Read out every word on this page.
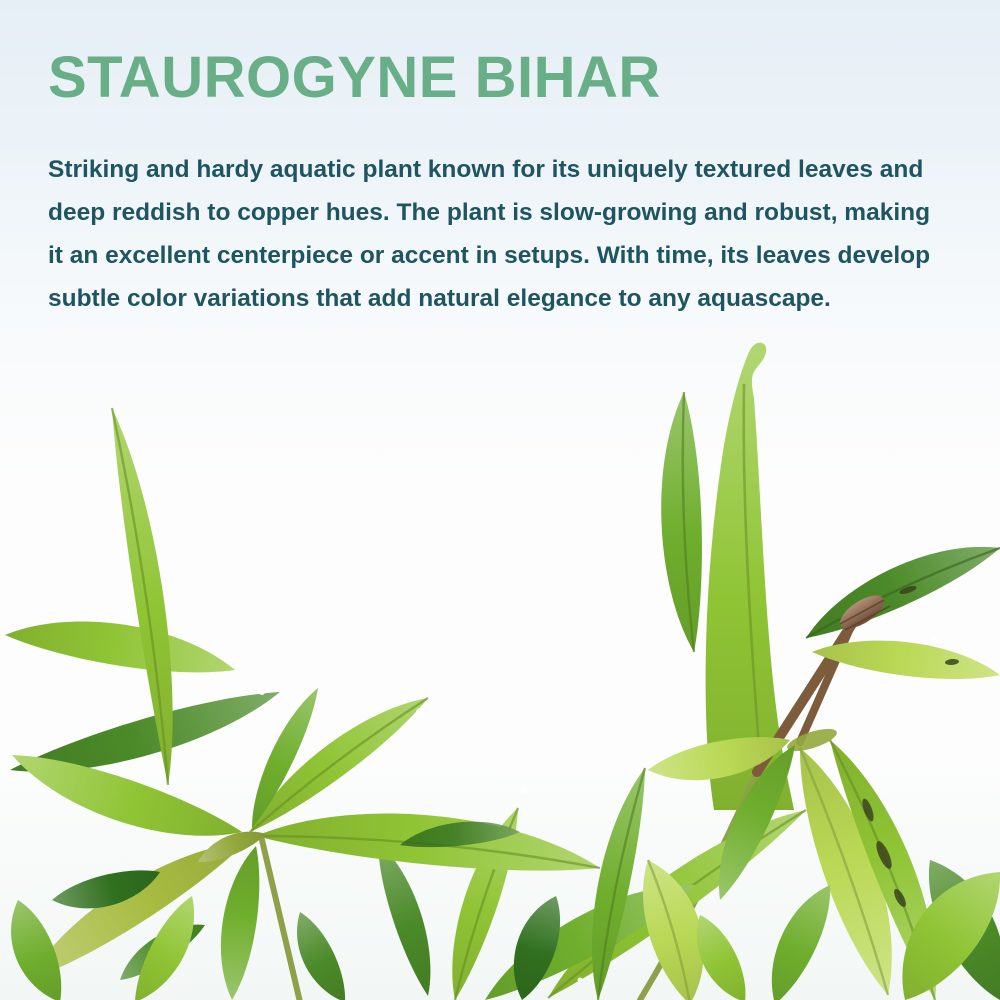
STAUROGYNE BIHAR
Striking and hardy aquatic plant known for its uniquely textured leaves and
deep reddish to copper hues. The plant is slow-growing and robust, making
it an excellent centerpiece or accent in setups. With time, its leaves develop
subtle color variations that add natural elegance to any aquascape.
